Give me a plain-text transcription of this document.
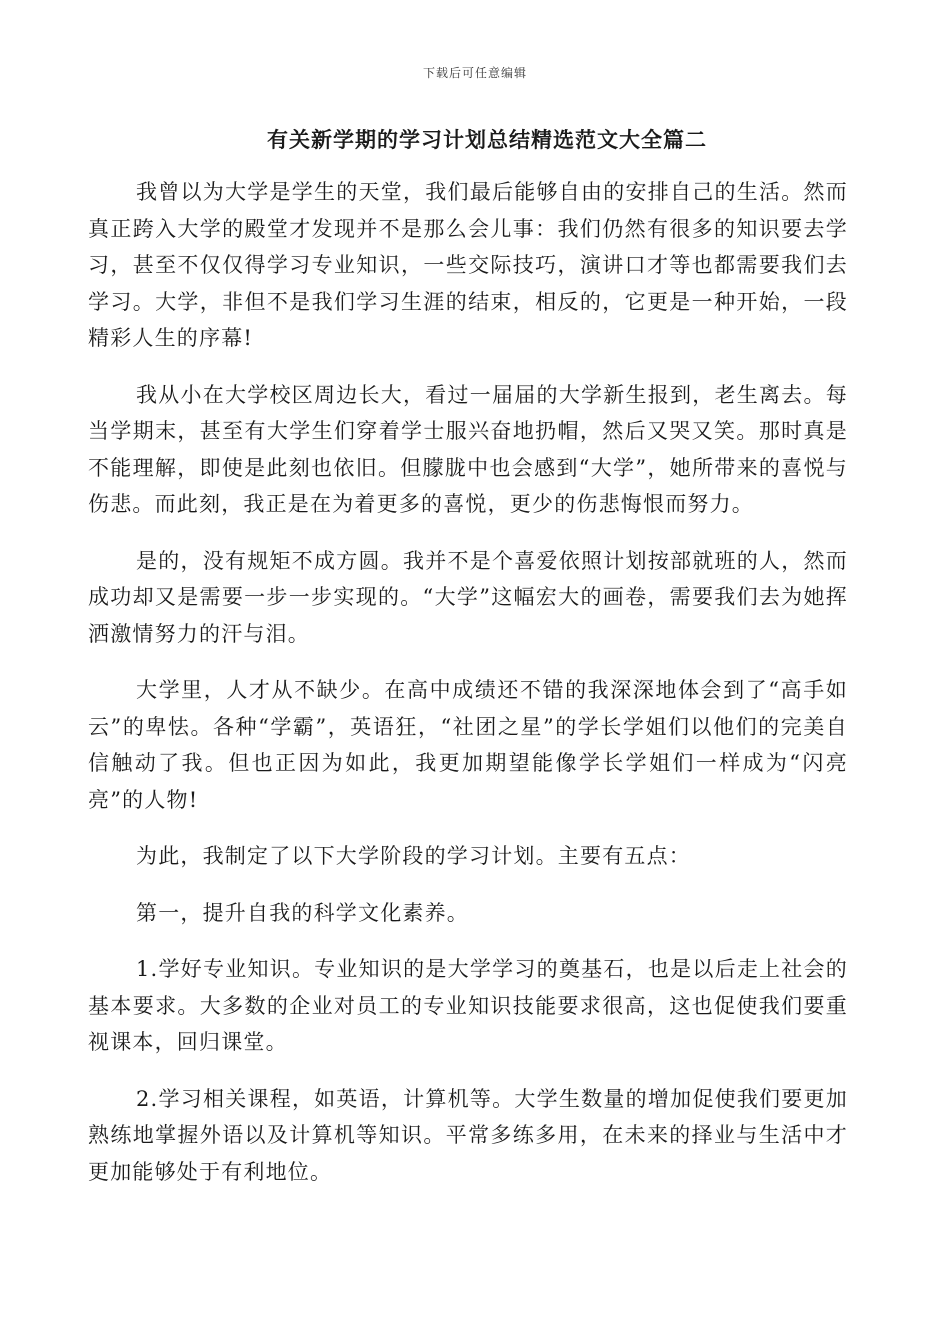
下载后可任意编辑
有关新学期的学习计划总结精选范文大全篇二

我曾以为大学是学生的天堂，我们最后能够自由的安排自己的生活。然而真正跨入大学的殿堂才发现并不是那么会儿事：我们仍然有很多的知识要去学习，甚至不仅仅得学习专业知识，一些交际技巧，演讲口才等也都需要我们去学习。大学，非但不是我们学习生涯的结束，相反的，它更是一种开始，一段精彩人生的序幕!

我从小在大学校区周边长大，看过一届届的大学新生报到，老生离去。每当学期末，甚至有大学生们穿着学士服兴奋地扔帽，然后又哭又笑。那时真是不能理解，即使是此刻也依旧。但朦胧中也会感到“大学”，她所带来的喜悦与伤悲。而此刻，我正是在为着更多的喜悦，更少的伤悲悔恨而努力。

是的，没有规矩不成方圆。我并不是个喜爱依照计划按部就班的人，然而成功却又是需要一步一步实现的。“大学”这幅宏大的画卷，需要我们去为她挥洒激情努力的汗与泪。

大学里，人才从不缺少。在高中成绩还不错的我深深地体会到了“高手如云”的卑怯。各种“学霸”，英语狂，“社团之星”的学长学姐们以他们的完美自信触动了我。但也正因为如此，我更加期望能像学长学姐们一样成为“闪亮亮”的人物!

为此，我制定了以下大学阶段的学习计划。主要有五点：

第一，提升自我的科学文化素养。

1.学好专业知识。专业知识的是大学学习的奠基石，也是以后走上社会的基本要求。大多数的企业对员工的专业知识技能要求很高，这也促使我们要重视课本，回归课堂。

2.学习相关课程，如英语，计算机等。大学生数量的增加促使我们要更加熟练地掌握外语以及计算机等知识。平常多练多用，在未来的择业与生活中才更加能够处于有利地位。
